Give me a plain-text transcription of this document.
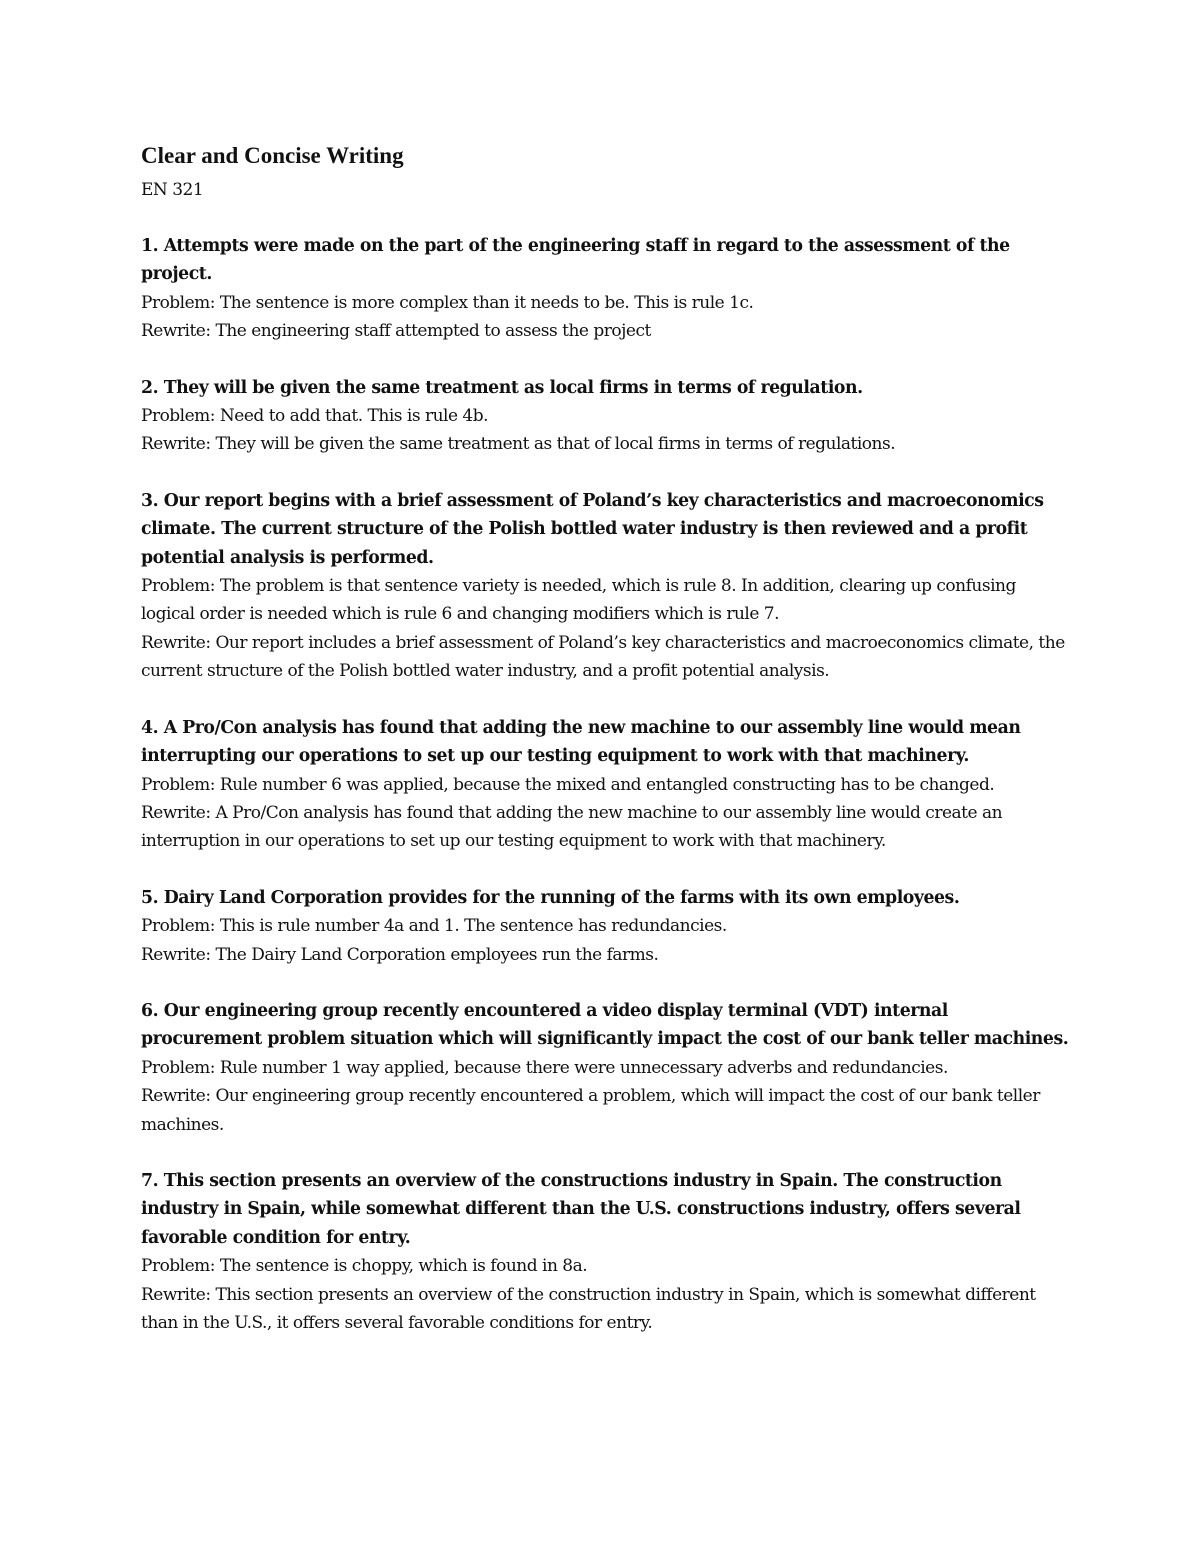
Clear and Concise Writing

EN 321

1. Attempts were made on the part of the engineering staff in regard to the assessment of the project.

Problem: The sentence is more complex than it needs to be. This is rule 1c.

Rewrite: The engineering staff attempted to assess the project

2. They will be given the same treatment as local firms in terms of regulation.

Problem: Need to add that. This is rule 4b.

Rewrite: They will be given the same treatment as that of local firms in terms of regulations.

3. Our report begins with a brief assessment of Poland’s key characteristics and macroeconomics climate. The current structure of the Polish bottled water industry is then reviewed and a profit potential analysis is performed.

Problem: The problem is that sentence variety is needed, which is rule 8. In addition, clearing up confusing logical order is needed which is rule 6 and changing modifiers which is rule 7.

Rewrite: Our report includes a brief assessment of Poland’s key characteristics and macroeconomics climate, the current structure of the Polish bottled water industry, and a profit potential analysis.

4. A Pro/Con analysis has found that adding the new machine to our assembly line would mean interrupting our operations to set up our testing equipment to work with that machinery.

Problem: Rule number 6 was applied, because the mixed and entangled constructing has to be changed.

Rewrite: A Pro/Con analysis has found that adding the new machine to our assembly line would create an interruption in our operations to set up our testing equipment to work with that machinery.

5. Dairy Land Corporation provides for the running of the farms with its own employees.

Problem: This is rule number 4a and 1. The sentence has redundancies.

Rewrite: The Dairy Land Corporation employees run the farms.

6. Our engineering group recently encountered a video display terminal (VDT) internal procurement problem situation which will significantly impact the cost of our bank teller machines.

Problem: Rule number 1 way applied, because there were unnecessary adverbs and redundancies.

Rewrite: Our engineering group recently encountered a problem, which will impact the cost of our bank teller machines.

7. This section presents an overview of the constructions industry in Spain. The construction industry in Spain, while somewhat different than the U.S. constructions industry, offers several favorable condition for entry.

Problem: The sentence is choppy, which is found in 8a.

Rewrite: This section presents an overview of the construction industry in Spain, which is somewhat different than in the U.S., it offers several favorable conditions for entry.
